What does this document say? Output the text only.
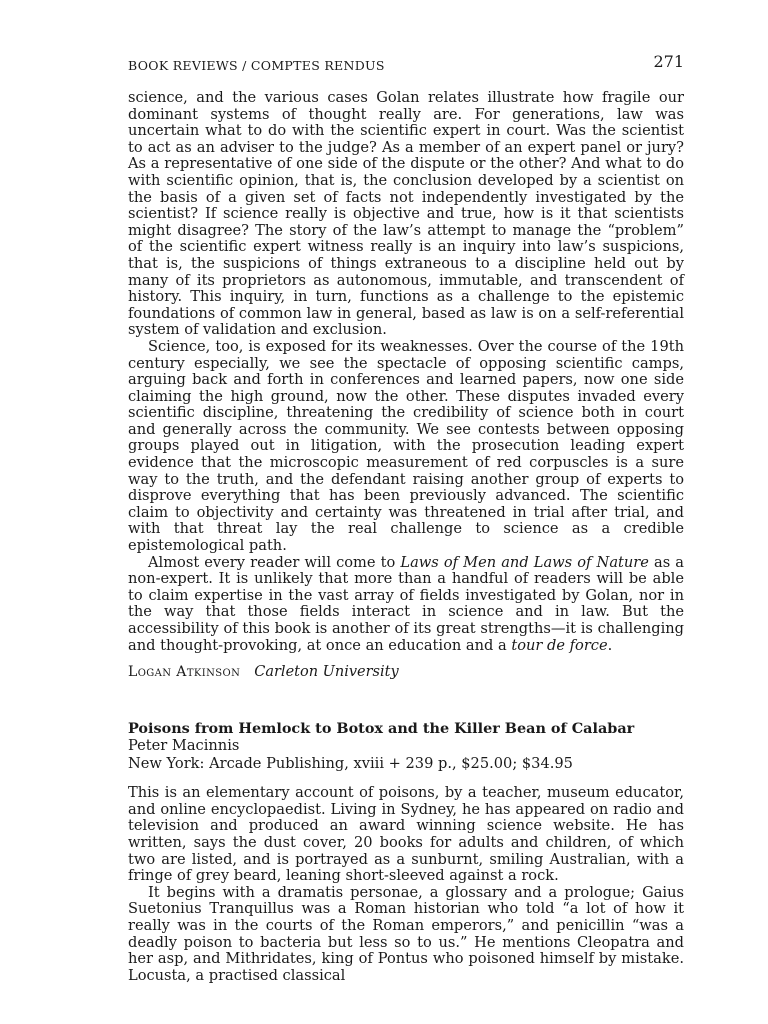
BOOK REVIEWS / COMPTES RENDUS	271

science, and the various cases Golan relates illustrate how fragile our dominant systems of thought really are. For generations, law was uncertain what to do with the scientific expert in court. Was the scientist to act as an adviser to the judge? As a member of an expert panel or jury? As a representative of one side of the dispute or the other? And what to do with scientific opinion, that is, the conclusion developed by a scientist on the basis of a given set of facts not independently investigated by the scientist? If science really is objective and true, how is it that scientists might disagree? The story of the law’s attempt to manage the “problem” of the scientific expert witness really is an inquiry into law’s suspicions, that is, the suspicions of things extraneous to a discipline held out by many of its proprietors as autonomous, immutable, and transcendent of history. This inquiry, in turn, functions as a challenge to the epistemic foundations of common law in general, based as law is on a self-referential system of validation and exclusion.

Science, too, is exposed for its weaknesses. Over the course of the 19th century especially, we see the spectacle of opposing scientific camps, arguing back and forth in conferences and learned papers, now one side claiming the high ground, now the other. These disputes invaded every scientific discipline, threatening the credibility of science both in court and generally across the community. We see contests between opposing groups played out in litigation, with the prosecution leading expert evidence that the microscopic measurement of red corpuscles is a sure way to the truth, and the defendant raising another group of experts to disprove everything that has been previously advanced. The scientific claim to objectivity and certainty was threatened in trial after trial, and with that threat lay the real challenge to science as a credible epistemological path.

Almost every reader will come to Laws of Men and Laws of Nature as a non-expert. It is unlikely that more than a handful of readers will be able to claim expertise in the vast array of fields investigated by Golan, nor in the way that those fields interact in science and in law. But the accessibility of this book is another of its great strengths—it is challenging and thought-provoking, at once an education and a tour de force.

Logan Atkinson Carleton University
Poisons from Hemlock to Botox and the Killer Bean of Calabar
Peter Macinnis
New York: Arcade Publishing, xviii + 239 p., $25.00; $34.95

This is an elementary account of poisons, by a teacher, museum educator, and online encyclopaedist. Living in Sydney, he has appeared on radio and television and produced an award winning science website. He has written, says the dust cover, 20 books for adults and children, of which two are listed, and is portrayed as a sunburnt, smiling Australian, with a fringe of grey beard, leaning short-sleeved against a rock.

It begins with a dramatis personae, a glossary and a prologue; Gaius Suetonius Tranquillus was a Roman historian who told “a lot of how it really was in the courts of the Roman emperors,” and penicillin “was a deadly poison to bacteria but less so to us.” He mentions Cleopatra and her asp, and Mithridates, king of Pontus who poisoned himself by mistake. Locusta, a practised classical
